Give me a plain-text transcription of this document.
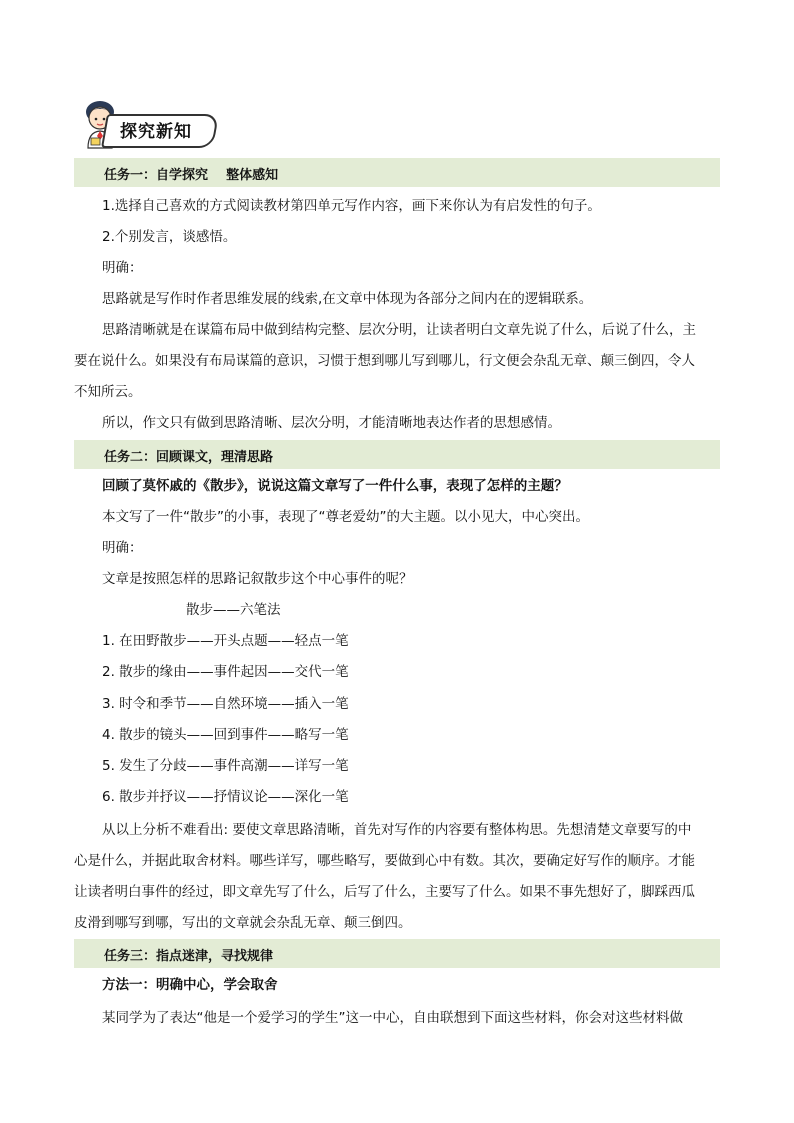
探究新知
任务一：自学探究    整体感知
1.选择自己喜欢的方式阅读教材第四单元写作内容，画下来你认为有启发性的句子。
2.个别发言，谈感悟。
明确：
思路就是写作时作者思维发展的线索,在文章中体现为各部分之间内在的逻辑联系。
思路清晰就是在谋篇布局中做到结构完整、层次分明，让读者明白文章先说了什么，后说了什么，主
要在说什么。如果没有布局谋篇的意识，习惯于想到哪儿写到哪儿，行文便会杂乱无章、颠三倒四，令人
不知所云。
所以，作文只有做到思路清晰、层次分明，才能清晰地表达作者的思想感情。
任务二：回顾课文，理清思路
回顾了莫怀戚的《散步》，说说这篇文章写了一件什么事，表现了怎样的主题？
本文写了一件“散步”的小事，表现了“尊老爱幼”的大主题。以小见大，中心突出。
明确：
文章是按照怎样的思路记叙散步这个中心事件的呢？
散步——六笔法
1. 在田野散步——开头点题——轻点一笔
2. 散步的缘由——事件起因——交代一笔
3. 时令和季节——自然环境——插入一笔
4. 散步的镜头——回到事件——略写一笔
5. 发生了分歧——事件高潮——详写一笔
6. 散步并抒议——抒情议论——深化一笔
从以上分析不难看出: 要使文章思路清晰，首先对写作的内容要有整体构思。先想清楚文章要写的中
心是什么，并据此取舍材料。哪些详写，哪些略写，要做到心中有数。其次，要确定好写作的顺序。才能
让读者明白事件的经过，即文章先写了什么，后写了什么，主要写了什么。如果不事先想好了，脚踩西瓜
皮滑到哪写到哪，写出的文章就会杂乱无章、颠三倒四。
任务三：指点迷津，寻找规律
方法一：明确中心，学会取舍
某同学为了表达“他是一个爱学习的学生”这一中心，自由联想到下面这些材料，你会对这些材料做
